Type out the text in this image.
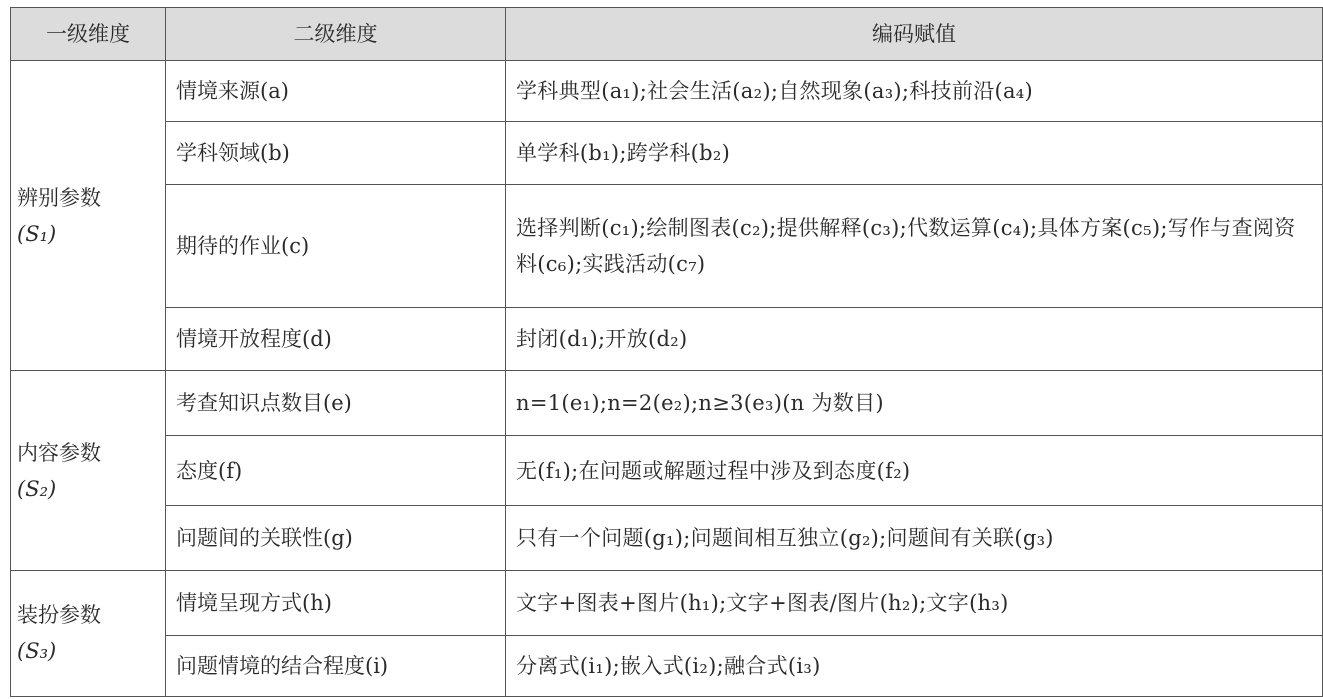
一级维度	二级维度	编码赋值
辨别参数
(S₁)	情境来源(a)	学科典型(a₁);社会生活(a₂);自然现象(a₃);科技前沿(a₄)
	学科领域(b)	单学科(b₁);跨学科(b₂)
	期待的作业(c)	选择判断(c₁);绘制图表(c₂);提供解释(c₃);代数运算(c₄);具体方案(c₅);写作与查阅资料(c₆);实践活动(c₇)
	情境开放程度(d)	封闭(d₁);开放(d₂)
内容参数
(S₂)	考查知识点数目(e)	n=1(e₁);n=2(e₂);n≥3(e₃)(n 为数目)
	态度(f)	无(f₁);在问题或解题过程中涉及到态度(f₂)
	问题间的关联性(g)	只有一个问题(g₁);问题间相互独立(g₂);问题间有关联(g₃)
装扮参数
(S₃)	情境呈现方式(h)	文字+图表+图片(h₁);文字+图表/图片(h₂);文字(h₃)
	问题情境的结合程度(i)	分离式(i₁);嵌入式(i₂);融合式(i₃)
